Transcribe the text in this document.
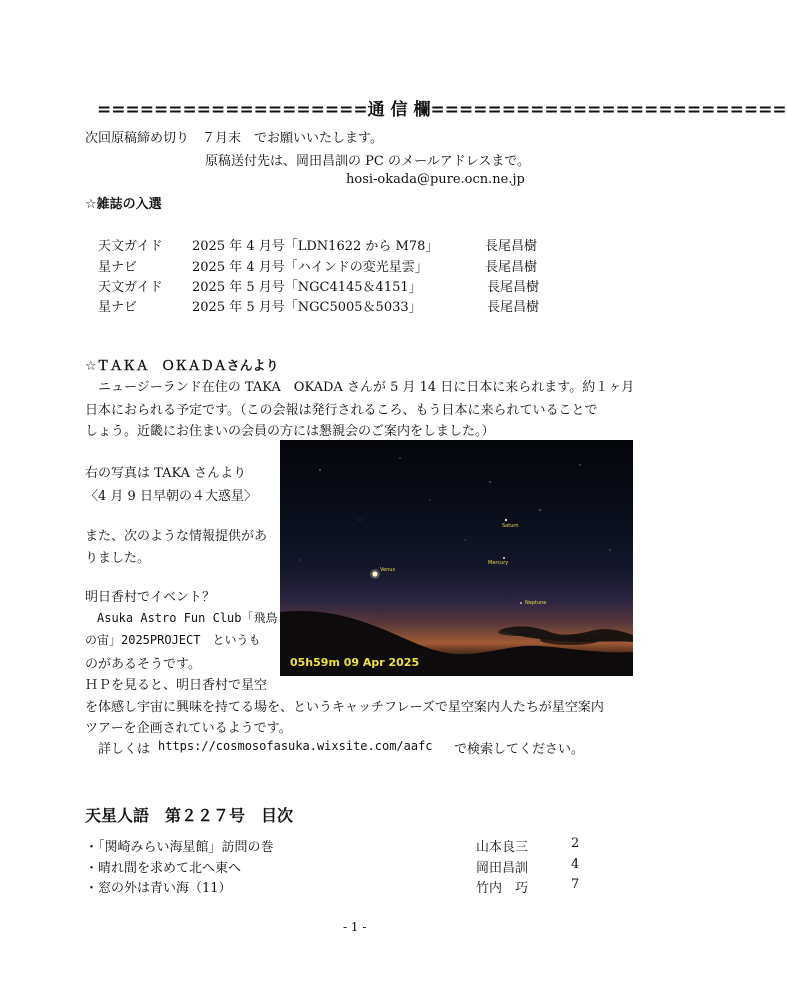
===================通 信 欄=========================
次回原稿締め切り　７月末　でお願いいたします。
原稿送付先は、岡田昌訓の PC のメールアドレスまで。
hosi-okada@pure.ocn.ne.jp
☆雑誌の入選
天文ガイド 2025 年 4 月号「LDN1622 から M78」	長尾昌樹
星ナビ	2025 年 4 月号「ハインドの変光星雲」	長尾昌樹
天文ガイド 2025 年 5 月号「NGC4145＆4151」	長尾昌樹
星ナビ	2025 年 5 月号「NGC5005＆5033」	長尾昌樹
☆ＴＡＫＡ　ＯＫＡＤＡさんより
　ニュージーランド在住の TAKA　OKADA さんが 5 月 14 日に日本に来られます。約１ヶ月
日本におられる予定です。（この会報は発行されるころ、もう日本に来られていることで
しょう。近畿にお住まいの会員の方には懇親会のご案内をしました。）
右の写真は TAKA さんより
〈4 月 9 日早朝の４大惑星〉
また、次のような情報提供があ
りました。
Venus
Saturn
Mercury
Neptune
05h59m 09 Apr 2025
明日香村でイベント？
　Asuka Astro Fun Club「飛鳥
の宙」2025PROJECT　というも
のがあるそうです。
ＨＰを見ると、明日香村で星空
を体感し宇宙に興味を持てる場を、というキャッチフレーズで星空案内人たちが星空案内
ツアーを企画されているようです。
　詳しくは https://cosmosofasuka.wixsite.com/aafc で検索してください。
天星人語　第２２７号　目次
・「関崎みらい海星館」訪問の巻	山本良三	2
・晴れ間を求めて北へ東へ	岡田昌訓	4
・窓の外は青い海（11）	竹内　巧	7
- 1 -
